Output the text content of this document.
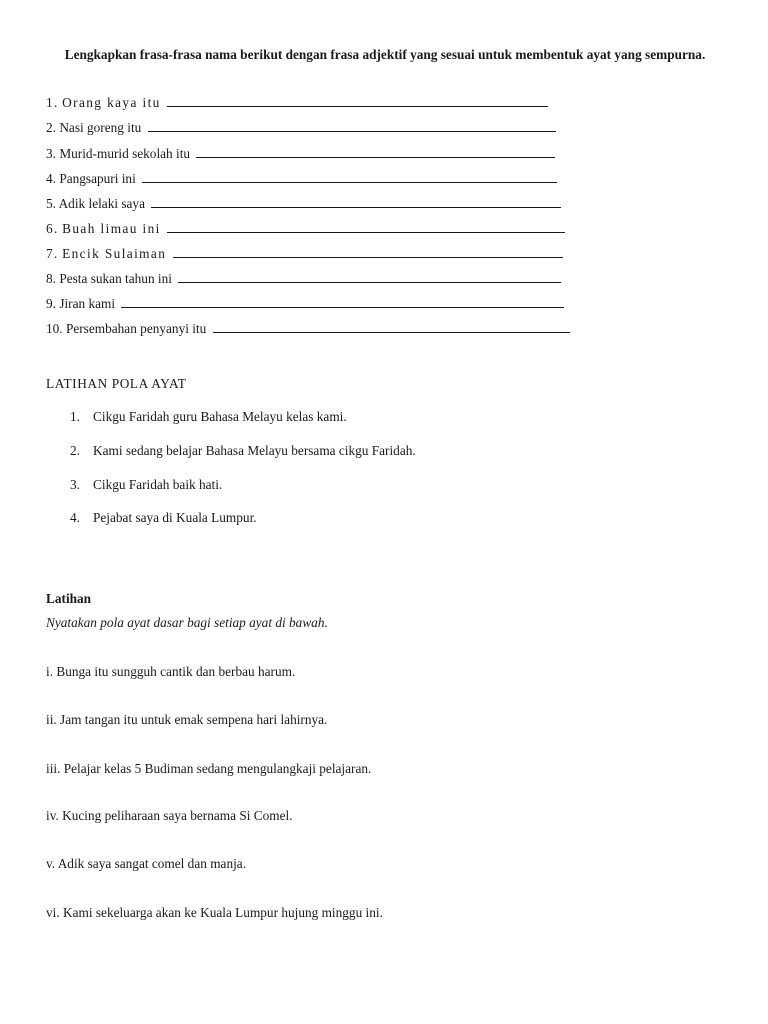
Lengkapkan frasa-frasa nama berikut dengan frasa adjektif yang sesuai untuk membentuk ayat yang sempurna.

1. Orang kaya itu
2. Nasi goreng itu
3. Murid-murid sekolah itu
4. Pangsapuri ini
5. Adik lelaki saya
6. Buah limau ini
7. Encik Sulaiman
8. Pesta sukan tahun ini
9. Jiran kami
10. Persembahan penyanyi itu

LATIHAN POLA AYAT

1. Cikgu Faridah guru Bahasa Melayu kelas kami.
2. Kami sedang belajar Bahasa Melayu bersama cikgu Faridah.
3. Cikgu Faridah baik hati.
4. Pejabat saya di Kuala Lumpur.

Latihan

Nyatakan pola ayat dasar bagi setiap ayat di bawah.

i. Bunga itu sungguh cantik dan berbau harum.
ii. Jam tangan itu untuk emak sempena hari lahirnya.
iii. Pelajar kelas 5 Budiman sedang mengulangkaji pelajaran.
iv. Kucing peliharaan saya bernama Si Comel.
v. Adik saya sangat comel dan manja.
vi. Kami sekeluarga akan ke Kuala Lumpur hujung minggu ini.
